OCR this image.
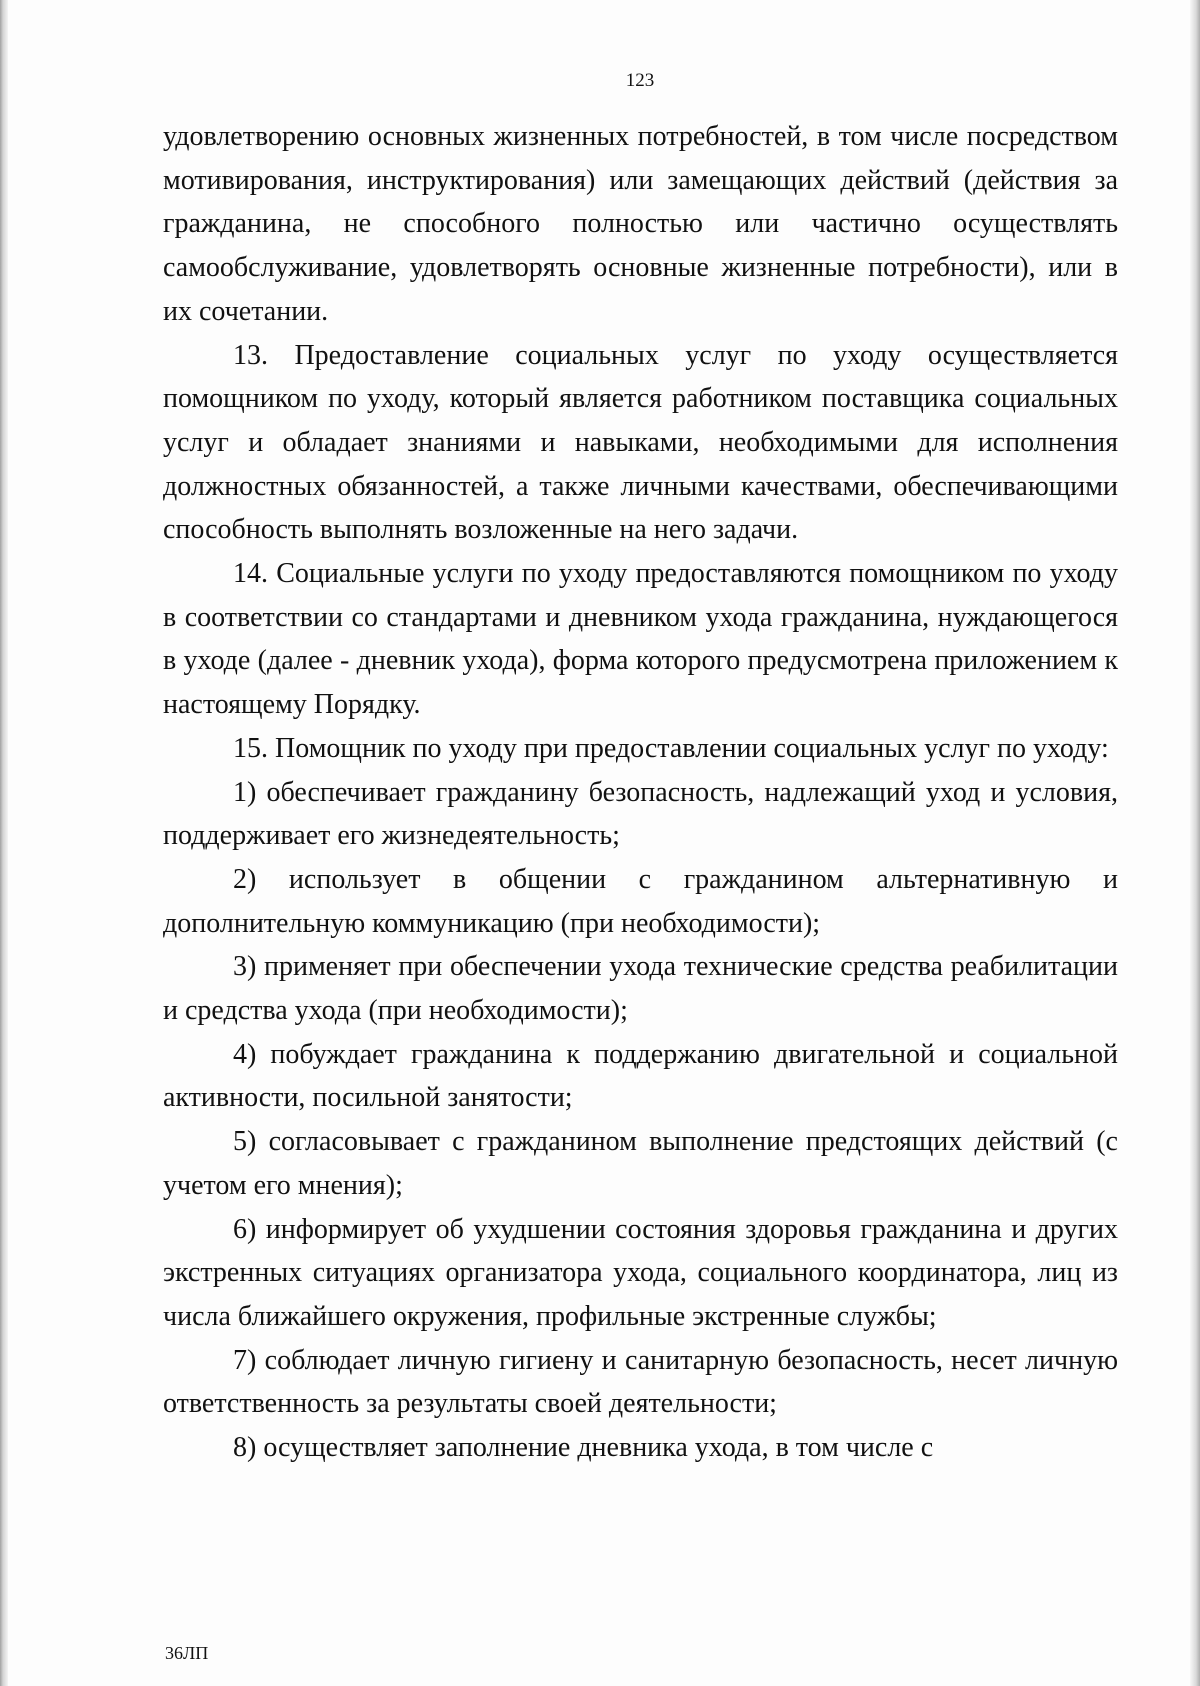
123

удовлетворению основных жизненных потребностей, в том числе посредством мотивирования, инструктирования) или замещающих действий (действия за гражданина, не способного полностью или частично осуществлять самообслуживание, удовлетворять основные жизненные потребности), или в их сочетании.

13. Предоставление социальных услуг по уходу осуществляется помощником по уходу, который является работником поставщика социальных услуг и обладает знаниями и навыками, необходимыми для исполнения должностных обязанностей, а также личными качествами, обеспечивающими способность выполнять возложенные на него задачи.

14. Социальные услуги по уходу предоставляются помощником по уходу в соответствии со стандартами и дневником ухода гражданина, нуждающегося в уходе (далее - дневник ухода), форма которого предусмотрена приложением к настоящему Порядку.

15. Помощник по уходу при предоставлении социальных услуг по уходу:

1) обеспечивает гражданину безопасность, надлежащий уход и условия, поддерживает его жизнедеятельность;

2) использует в общении с гражданином альтернативную и дополнительную коммуникацию (при необходимости);

3) применяет при обеспечении ухода технические средства реабилитации и средства ухода (при необходимости);

4) побуждает гражданина к поддержанию двигательной и социальной активности, посильной занятости;

5) согласовывает с гражданином выполнение предстоящих действий (с учетом его мнения);

6) информирует об ухудшении состояния здоровья гражданина и других экстренных ситуациях организатора ухода, социального координатора, лиц из числа ближайшего окружения, профильные экстренные службы;

7) соблюдает личную гигиену и санитарную безопасность, несет личную ответственность за результаты своей деятельности;

8) осуществляет заполнение дневника ухода, в том числе с

36ЛП
